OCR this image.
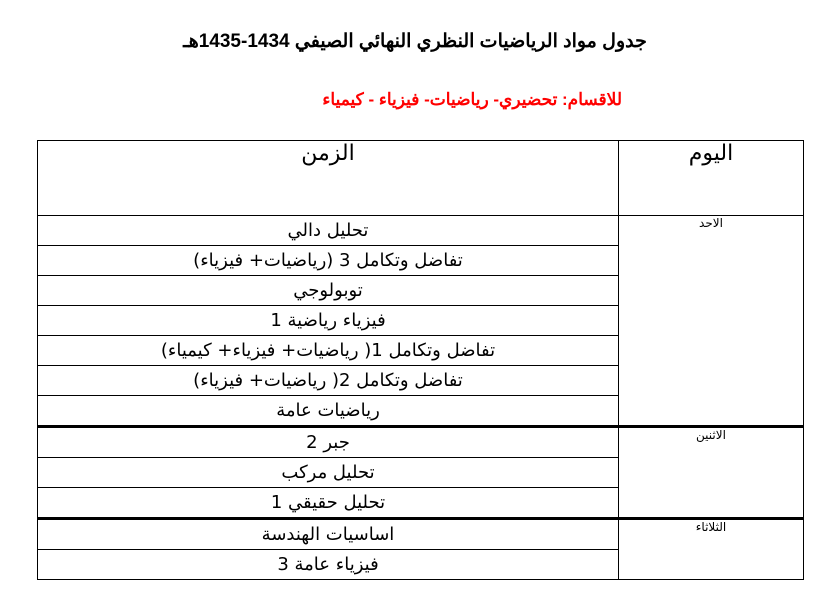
جدول مواد الرياضيات النظري النهائي الصيفي 1434-1435هـ
للاقسام: تحضيري- رياضيات- فيزياء - كيمياء
اليوم	الزمن
الاحد	تحليل دالي
	تفاضل وتكامل 3 (رياضيات+ فيزياء)
	توبولوجي
	فيزياء رياضية 1
	تفاضل وتكامل 1( رياضيات+ فيزياء+ كيمياء)
	تفاضل وتكامل 2( رياضيات+ فيزياء)
	رياضيات عامة
الاثنين	جبر 2
	تحليل مركب
	تحليل حقيقي 1
الثلاثاء	اساسيات الهندسة
	فيزياء عامة 3
